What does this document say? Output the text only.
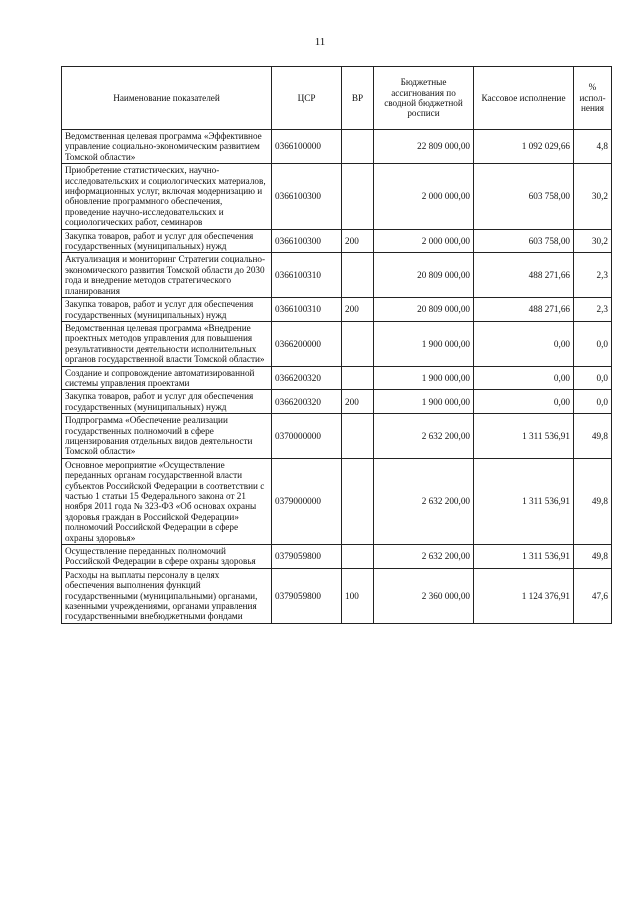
11
Наименование показателей	ЦСР	ВР	Бюджетные ассигнования по сводной бюджетной росписи	Кассовое исполнение	% испол-нения
Ведомственная целевая программа «Эффективное управление социально-экономическим развитием Томской области»	0366100000		22 809 000,00	1 092 029,66	4,8
Приобретение статистических, научно-исследовательских и социологических материалов, информационных услуг, включая модернизацию и обновление программного обеспечения, проведение научно-исследовательских и социологических работ, семинаров	0366100300		2 000 000,00	603 758,00	30,2
Закупка товаров, работ и услуг для обеспечения государственных (муниципальных) нужд	0366100300	200	2 000 000,00	603 758,00	30,2
Актуализация и мониторинг Стратегии социально-экономического развития Томской области до 2030 года и внедрение методов стратегического планирования	0366100310		20 809 000,00	488 271,66	2,3
Закупка товаров, работ и услуг для обеспечения государственных (муниципальных) нужд	0366100310	200	20 809 000,00	488 271,66	2,3
Ведомственная целевая программа «Внедрение проектных методов управления для повышения результативности деятельности исполнительных органов государственной власти Томской области»	0366200000		1 900 000,00	0,00	0,0
Создание и сопровождение автоматизированной системы управления проектами	0366200320		1 900 000,00	0,00	0,0
Закупка товаров, работ и услуг для обеспечения государственных (муниципальных) нужд	0366200320	200	1 900 000,00	0,00	0,0
Подпрограмма «Обеспечение реализации государственных полномочий в сфере лицензирования отдельных видов деятельности Томской области»	0370000000		2 632 200,00	1 311 536,91	49,8
Основное мероприятие «Осуществление переданных органам государственной власти субъектов Российской Федерации в соответствии с частью 1 статьи 15 Федерального закона от 21 ноября 2011 года № 323-ФЗ «Об основах охраны здоровья граждан в Российской Федерации» полномочий Российской Федерации в сфере охраны здоровья»	0379000000		2 632 200,00	1 311 536,91	49,8
Осуществление переданных полномочий Российской Федерации в сфере охраны здоровья	0379059800		2 632 200,00	1 311 536,91	49,8
Расходы на выплаты персоналу в целях обеспечения выполнения функций государственными (муниципальными) органами, казенными учреждениями, органами управления государственными внебюджетными фондами	0379059800	100	2 360 000,00	1 124 376,91	47,6
